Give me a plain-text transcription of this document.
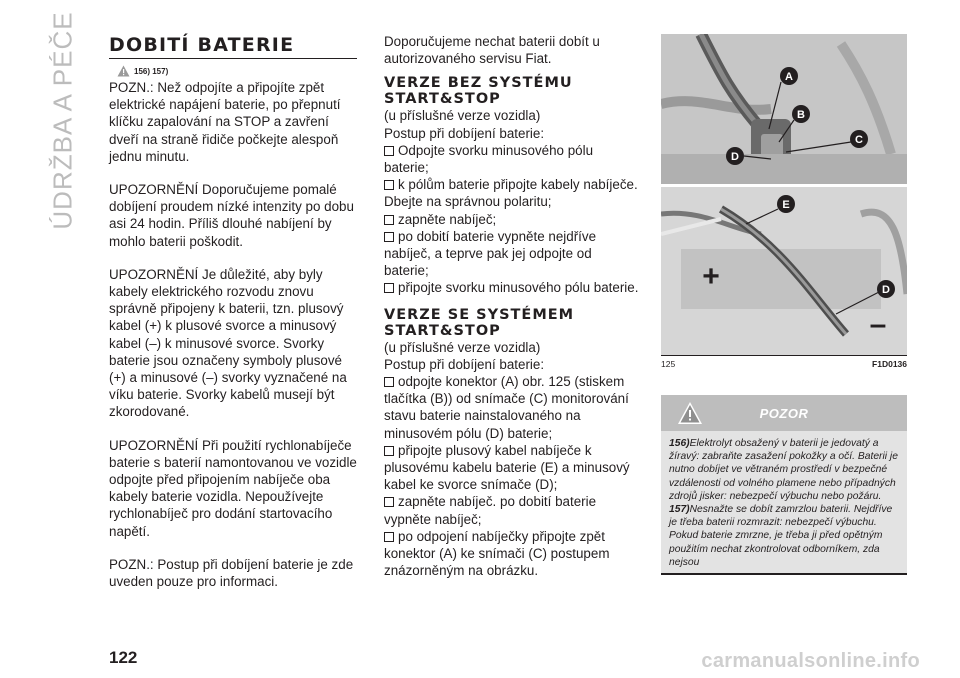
ÚDRŽBA A PÉČE DOBITÍ BATERIE
156) 157)

POZN.: Než odpojíte a připojíte zpět elektrické napájení baterie, po přepnutí klíčku zapalování na STOP a zavření dveří na straně řidiče počkejte alespoň jednu minutu.

UPOZORNĚNÍ Doporučujeme pomalé dobíjení proudem nízké intenzity po dobu asi 24 hodin. Příliš dlouhé nabíjení by mohlo baterii poškodit.

UPOZORNĚNÍ Je důležité, aby byly kabely elektrického rozvodu znovu správně připojeny k baterii, tzn. plusový kabel (+) k plusové svorce a minusový kabel (–) k minusové svorce. Svorky baterie jsou označeny symboly plusové (+) a minusové (–) svorky vyznačené na víku baterie. Svorky kabelů musejí být zkorodované.

UPOZORNĚNÍ Při použití rychlonabíječe baterie s baterií namontovanou ve vozidle odpojte před připojením nabíječe oba kabely baterie vozidla. Nepoužívejte rychlonabíječ pro dodání startovacího napětí.

POZN.: Postup při dobíjení baterie je zde uveden pouze pro informaci.

Doporučujeme nechat baterii dobít u autorizovaného servisu Fiat.

VERZE BEZ SYSTÉMU
START&STOP

(u příslušné verze vozidla)

Postup při dobíjení baterie:

Odpojte svorku minusového pólu baterie;

k pólům baterie připojte kabely nabíječe. Dbejte na správnou polaritu;

zapněte nabíječ;

po dobití baterie vypněte nejdříve nabíječ, a teprve pak jej odpojte od baterie;

připojte svorku minusového pólu baterie.

VERZE SE SYSTÉMEM
START&STOP

(u příslušné verze vozidla)

Postup při dobíjení baterie:

odpojte konektor (A) obr. 125 (stiskem tlačítka (B)) od snímače (C) monitorování stavu baterie nainstalovaného na minusovém pólu (D) baterie;

připojte plusový kabel nabíječe k plusovému kabelu baterie (E) a minusový kabel ke svorce snímače (D);

zapněte nabíječ. po dobití baterie vypněte nabíječ;

po odpojení nabíječky připojte zpět konektor (A) ke snímači (C) postupem znázorněným na obrázku.

A
B
C
D
E
D
+
–
125	F1D0136
POZOR

156)Elektrolyt obsažený v baterii je jedovatý a žíravý: zabraňte zasažení pokožky a očí. Baterii je nutno dobíjet ve větraném prostředí v bezpečné vzdálenosti od volného plamene nebo případných zdrojů jisker: nebezpečí výbuchu nebo požáru.

157)Nesnažte se dobít zamrzlou baterii. Nejdříve je třeba baterii rozmrazit: nebezpečí výbuchu. Pokud baterie zmrzne, je třeba ji před opětným použitím nechat zkontrolovat odborníkem, zda nejsou

122	carmanualsonline.info
